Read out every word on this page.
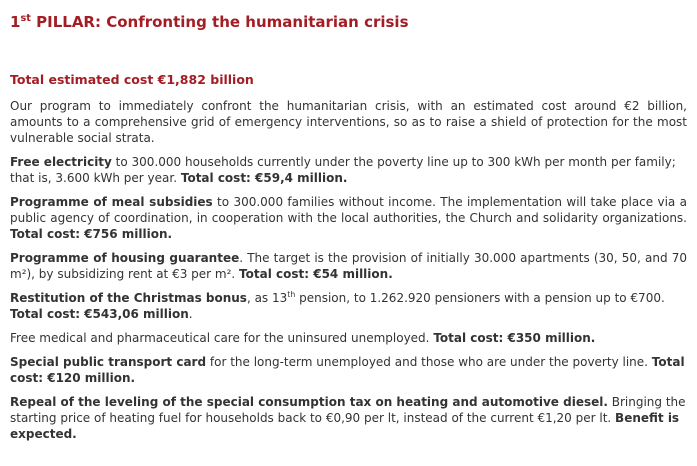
1st PILLAR: Confronting the humanitarian crisis
Total estimated cost €1,882 billion

Our program to immediately confront the humanitarian crisis, with an estimated cost around €2 billion, amounts to a comprehensive grid of emergency interventions, so as to raise a shield of protection for the most vulnerable social strata.

Free electricity to 300.000 households currently under the poverty line up to 300 kWh per month per family; that is, 3.600 kWh per year. Total cost: €59,4 million.

Programme of meal subsidies to 300.000 families without income. The implementation will take place via a public agency of coordination, in cooperation with the local authorities, the Church and solidarity organizations. Total cost: €756 million.

Programme of housing guarantee. The target is the provision of initially 30.000 apartments (30, 50, and 70 m²), by subsidizing rent at €3 per m². Total cost: €54 million.

Restitution of the Christmas bonus, as 13th pension, to 1.262.920 pensioners with a pension up to €700. Total cost: €543,06 million.

Free medical and pharmaceutical care for the uninsured unemployed. Total cost: €350 million.

Special public transport card for the long-term unemployed and those who are under the poverty line. Total cost: €120 million.

Repeal of the leveling of the special consumption tax on heating and automotive diesel. Bringing the starting price of heating fuel for households back to €0,90 per lt, instead of the current €1,20 per lt. Benefit is expected.
